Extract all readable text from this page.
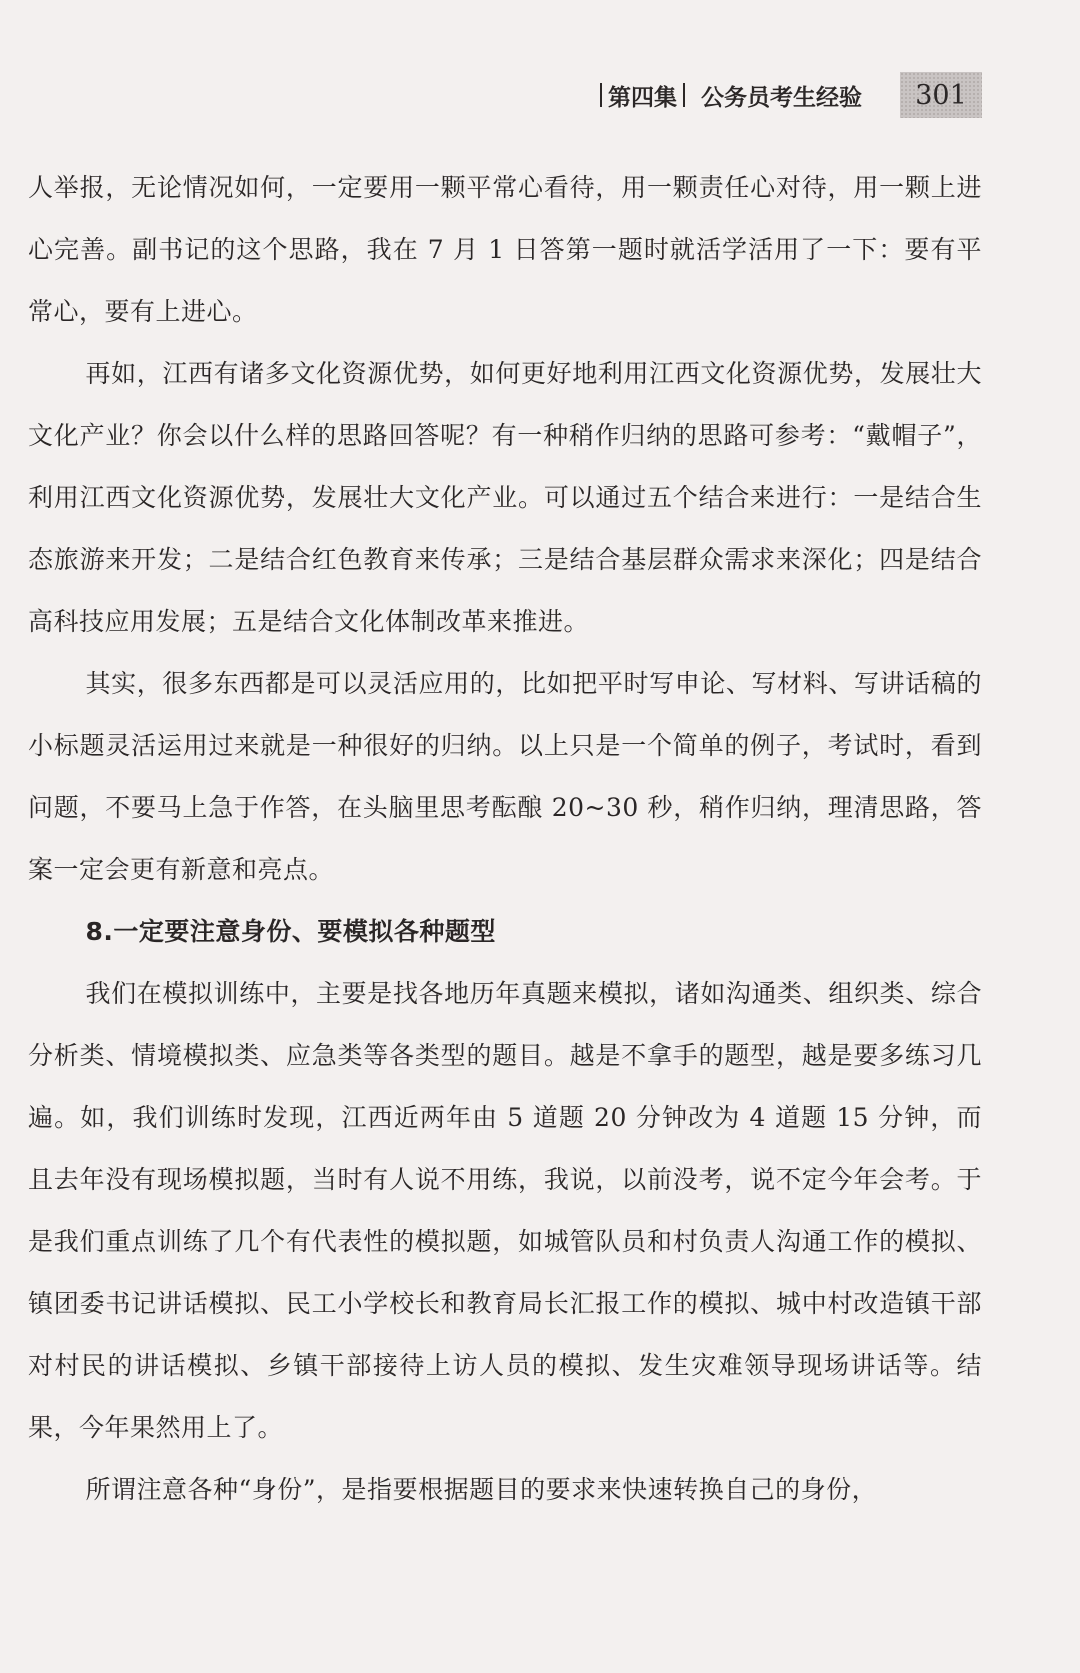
第四集 公务员考生经验	301

人举报，无论情况如何，一定要用一颗平常心看待，用一颗责任心对待，用一颗上进心完善。副书记的这个思路，我在 7 月 1 日答第一题时就活学活用了一下：要有平常心，要有上进心。

再如，江西有诸多文化资源优势，如何更好地利用江西文化资源优势，发展壮大文化产业？你会以什么样的思路回答呢？有一种稍作归纳的思路可参考：“戴帽子”，利用江西文化资源优势，发展壮大文化产业。可以通过五个结合来进行：一是结合生态旅游来开发；二是结合红色教育来传承；三是结合基层群众需求来深化；四是结合高科技应用发展；五是结合文化体制改革来推进。

其实，很多东西都是可以灵活应用的，比如把平时写申论、写材料、写讲话稿的小标题灵活运用过来就是一种很好的归纳。以上只是一个简单的例子，考试时，看到问题，不要马上急于作答，在头脑里思考酝酿 20~30 秒，稍作归纳，理清思路，答案一定会更有新意和亮点。

8.一定要注意身份、要模拟各种题型

我们在模拟训练中，主要是找各地历年真题来模拟，诸如沟通类、组织类、综合分析类、情境模拟类、应急类等各类型的题目。越是不拿手的题型，越是要多练习几遍。如，我们训练时发现，江西近两年由 5 道题 20 分钟改为 4 道题 15 分钟，而且去年没有现场模拟题，当时有人说不用练，我说，以前没考，说不定今年会考。于是我们重点训练了几个有代表性的模拟题，如城管队员和村负责人沟通工作的模拟、镇团委书记讲话模拟、民工小学校长和教育局长汇报工作的模拟、城中村改造镇干部对村民的讲话模拟、乡镇干部接待上访人员的模拟、发生灾难领导现场讲话等。结果，今年果然用上了。

所谓注意各种“身份”，是指要根据题目的要求来快速转换自己的身份，
